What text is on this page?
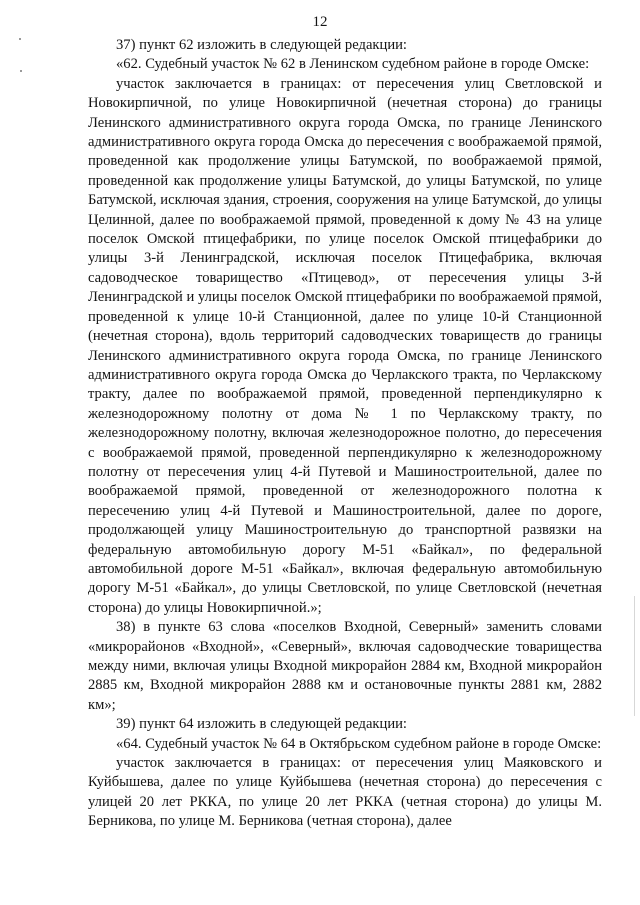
12

37) пункт 62 изложить в следующей редакции:

«62. Судебный участок № 62 в Ленинском судебном районе в городе Омске:

участок заключается в границах: от пересечения улиц Светловской и Новокирпичной, по улице Новокирпичной (нечетная сторона) до границы Ленинского административного округа города Омска, по границе Ленинского административного округа города Омска до пересечения с воображаемой прямой, проведенной как продолжение улицы Батумской, по воображаемой прямой, проведенной как продолжение улицы Батумской, до улицы Батумской, по улице Батумской, исключая здания, строения, сооружения на улице Батумской, до улицы Целинной, далее по воображаемой прямой, проведенной к дому № 43 на улице поселок Омской птицефабрики, по улице поселок Омской птицефабрики до улицы 3-й Ленинградской, исключая поселок Птицефабрика, включая садоводческое товарищество «Птицевод», от пересечения улицы 3-й Ленинградской и улицы поселок Омской птицефабрики по воображаемой прямой, проведенной к улице 10-й Станционной, далее по улице 10-й Станционной (нечетная сторона), вдоль территорий садоводческих товариществ до границы Ленинского административного округа города Омска, по границе Ленинского административного округа города Омска до Черлакского тракта, по Черлакскому тракту, далее по воображаемой прямой, проведенной перпендикулярно к железнодорожному полотну от дома № 1 по Черлакскому тракту, по железнодорожному полотну, включая железнодорожное полотно, до пересечения с воображаемой прямой, проведенной перпендикулярно к железнодорожному полотну от пересечения улиц 4-й Путевой и Машиностроительной, далее по воображаемой прямой, проведенной от железнодорожного полотна к пересечению улиц 4-й Путевой и Машиностроительной, далее по дороге, продолжающей улицу Машиностроительную до транспортной развязки на федеральную автомобильную дорогу М-51 «Байкал», по федеральной автомобильной дороге М-51 «Байкал», включая федеральную автомобильную дорогу М-51 «Байкал», до улицы Светловской, по улице Светловской (нечетная сторона) до улицы Новокирпичной.»;

38) в пункте 63 слова «поселков Входной, Северный» заменить словами «микрорайонов «Входной», «Северный», включая садоводческие товарищества между ними, включая улицы Входной микрорайон 2884 км, Входной микрорайон 2885 км, Входной микрорайон 2888 км и остановочные пункты 2881 км, 2882 км»;

39) пункт 64 изложить в следующей редакции:

«64. Судебный участок № 64 в Октябрьском судебном районе в городе Омске:

участок заключается в границах: от пересечения улиц Маяковского и Куйбышева, далее по улице Куйбышева (нечетная сторона) до пересечения с улицей 20 лет РККА, по улице 20 лет РККА (четная сторона) до улицы М. Берникова, по улице М. Берникова (четная сторона), далее
